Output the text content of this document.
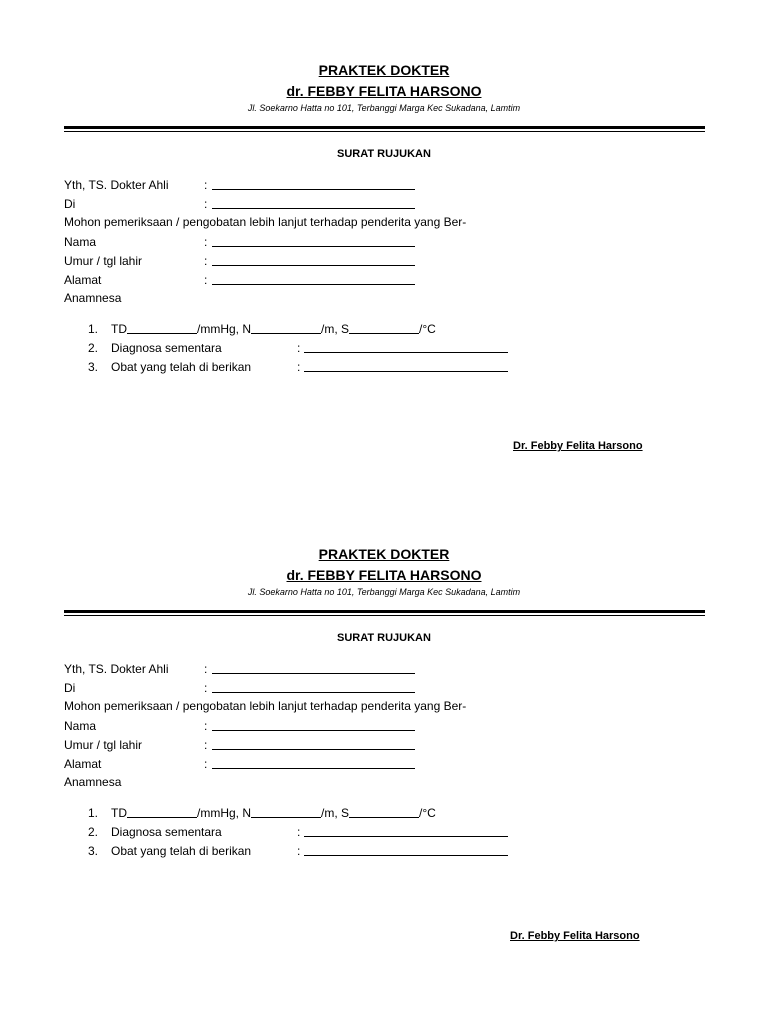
PRAKTEK DOKTER
dr. FEBBY FELITA HARSONO
Jl. Soekarno Hatta no 101, Terbanggi Marga Kec Sukadana, Lamtim
SURAT RUJUKAN
Yth, TS. Dokter Ahli	:
Di	:
Mohon pemeriksaan / pengobatan lebih lanjut terhadap penderita yang Ber-
Nama	:
Umur / tgl lahir	:
Alamat	:
Anamnesa
1. TD	/mmHg, N	/m, S	/°C
2. Diagnosa sementara	:
3. Obat yang telah di berikan	:
Dr. Febby Felita Harsono
PRAKTEK DOKTER
dr. FEBBY FELITA HARSONO
Jl. Soekarno Hatta no 101, Terbanggi Marga Kec Sukadana, Lamtim
SURAT RUJUKAN
Yth, TS. Dokter Ahli	:
Di	:
Mohon pemeriksaan / pengobatan lebih lanjut terhadap penderita yang Ber-
Nama	:
Umur / tgl lahir	:
Alamat	:
Anamnesa
1. TD	/mmHg, N	/m, S	/°C
2. Diagnosa sementara	:
3. Obat yang telah di berikan	:
Dr. Febby Felita Harsono
